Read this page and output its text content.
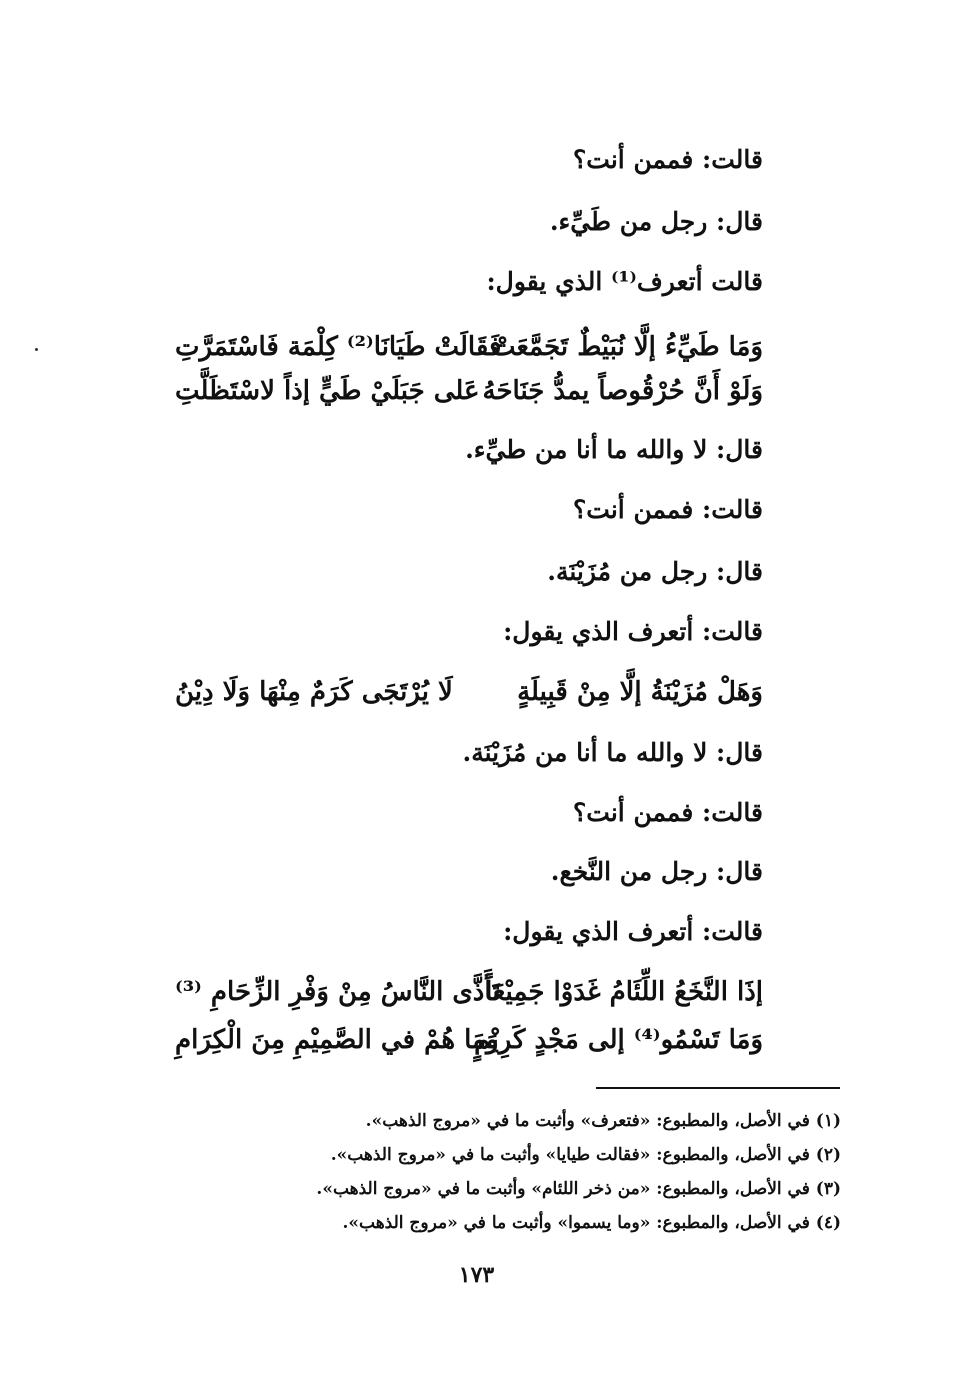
قالت: فممن أنت؟
قال: رجل من طَيِّء.
قالت أتعرف⁽¹⁾ الذي يقول:
وَمَا طَيِّءُ إلَّا نُبَيْطٌ تَجَمَّعَتْ
فَقَالَتْ طَيَانَا⁽²⁾ كِلْمَة فَاسْتَمَرَّتِ
وَلَوْ أَنَّ حُرْقُوصاً يمدُّ جَنَاحَهُ
عَلى جَبَلَيْ طَيٍّ إذاً لاسْتَظَلَّتِ
قال: لا والله ما أنا من طيِّء.
قالت: فممن أنت؟
قال: رجل من مُزَيْنَة.
قالت: أتعرف الذي يقول:
وَهَلْ مُزَيْنَةُ إلَّا مِنْ قَبِيلَةٍ
لَا يُرْتَجَى كَرَمٌ مِنْهَا وَلَا دِيْنُ
قال: لا والله ما أنا من مُزَيْنَة.
قالت: فممن أنت؟
قال: رجل من النَّخع.
قالت: أتعرف الذي يقول:
إذَا النَّخَعُ اللِّئَامُ غَدَوْا جَمِيْعَاً
تَأَذَّى النَّاسُ مِنْ وَفْرِ الزِّحَامِ ⁽³⁾
وَمَا تَسْمُو⁽⁴⁾ إلى مَجْدٍ كَرِيْمٍ
وَمَا هُمْ في الصَّمِيْمِ مِنَ الْكِرَامِ
(١) في الأصل، والمطبوع: «فتعرف» وأثبت ما في «مروج الذهب».
(٢) في الأصل، والمطبوع: «فقالت طيايا» وأثبت ما في «مروج الذهب».
(٣) في الأصل، والمطبوع: «من ذخر اللئام» وأثبت ما في «مروج الذهب».
(٤) في الأصل، والمطبوع: «وما يسموا» وأثبت ما في «مروج الذهب».
١٧٣
